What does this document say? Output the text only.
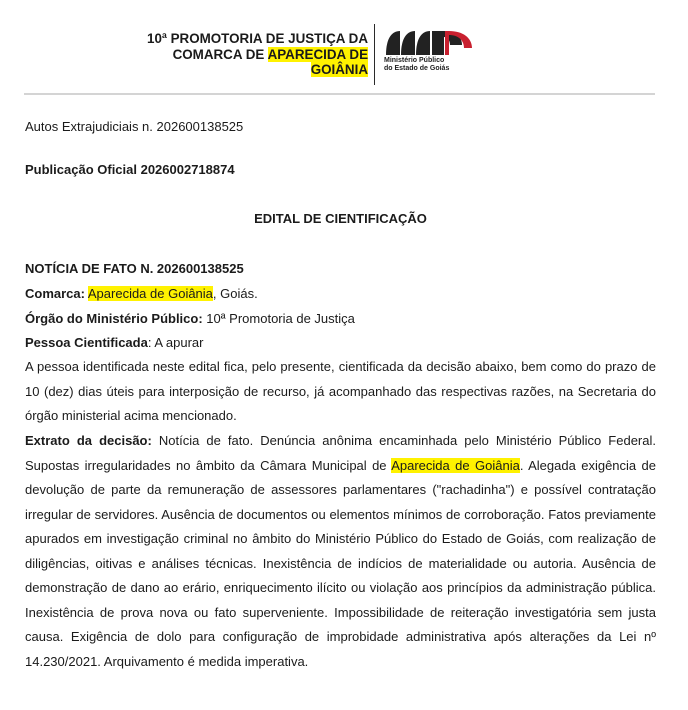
10ª PROMOTORIA DE JUSTIÇA DA
COMARCA DE APARECIDA DE
GOIÂNIA
Ministério Público
do Estado de Goiás
Autos Extrajudiciais n. 202600138525
Publicação Oficial 2026002718874
EDITAL DE CIENTIFICAÇÃO
NOTÍCIA DE FATO N. 202600138525
Comarca: Aparecida de Goiânia, Goiás.
Órgão do Ministério Público: 10ª Promotoria de Justiça
Pessoa Cientificada: A apurar
A pessoa identificada neste edital fica, pelo presente, cientificada da decisão abaixo, bem como do prazo de 10 (dez) dias úteis para interposição de recurso, já acompanhado das respectivas razões, na Secretaria do órgão ministerial acima mencionado.
Extrato da decisão: Notícia de fato. Denúncia anônima encaminhada pelo Ministério Público Federal. Supostas irregularidades no âmbito da Câmara Municipal de Aparecida de Goiânia. Alegada exigência de devolução de parte da remuneração de assessores parlamentares ("rachadinha") e possível contratação irregular de servidores. Ausência de documentos ou elementos mínimos de corroboração. Fatos previamente apurados em investigação criminal no âmbito do Ministério Público do Estado de Goiás, com realização de diligências, oitivas e análises técnicas. Inexistência de indícios de materialidade ou autoria. Ausência de demonstração de dano ao erário, enriquecimento ilícito ou violação aos princípios da administração pública. Inexistência de prova nova ou fato superveniente. Impossibilidade de reiteração investigatória sem justa causa. Exigência de dolo para configuração de improbidade administrativa após alterações da Lei nº 14.230/2021. Arquivamento é medida imperativa.
